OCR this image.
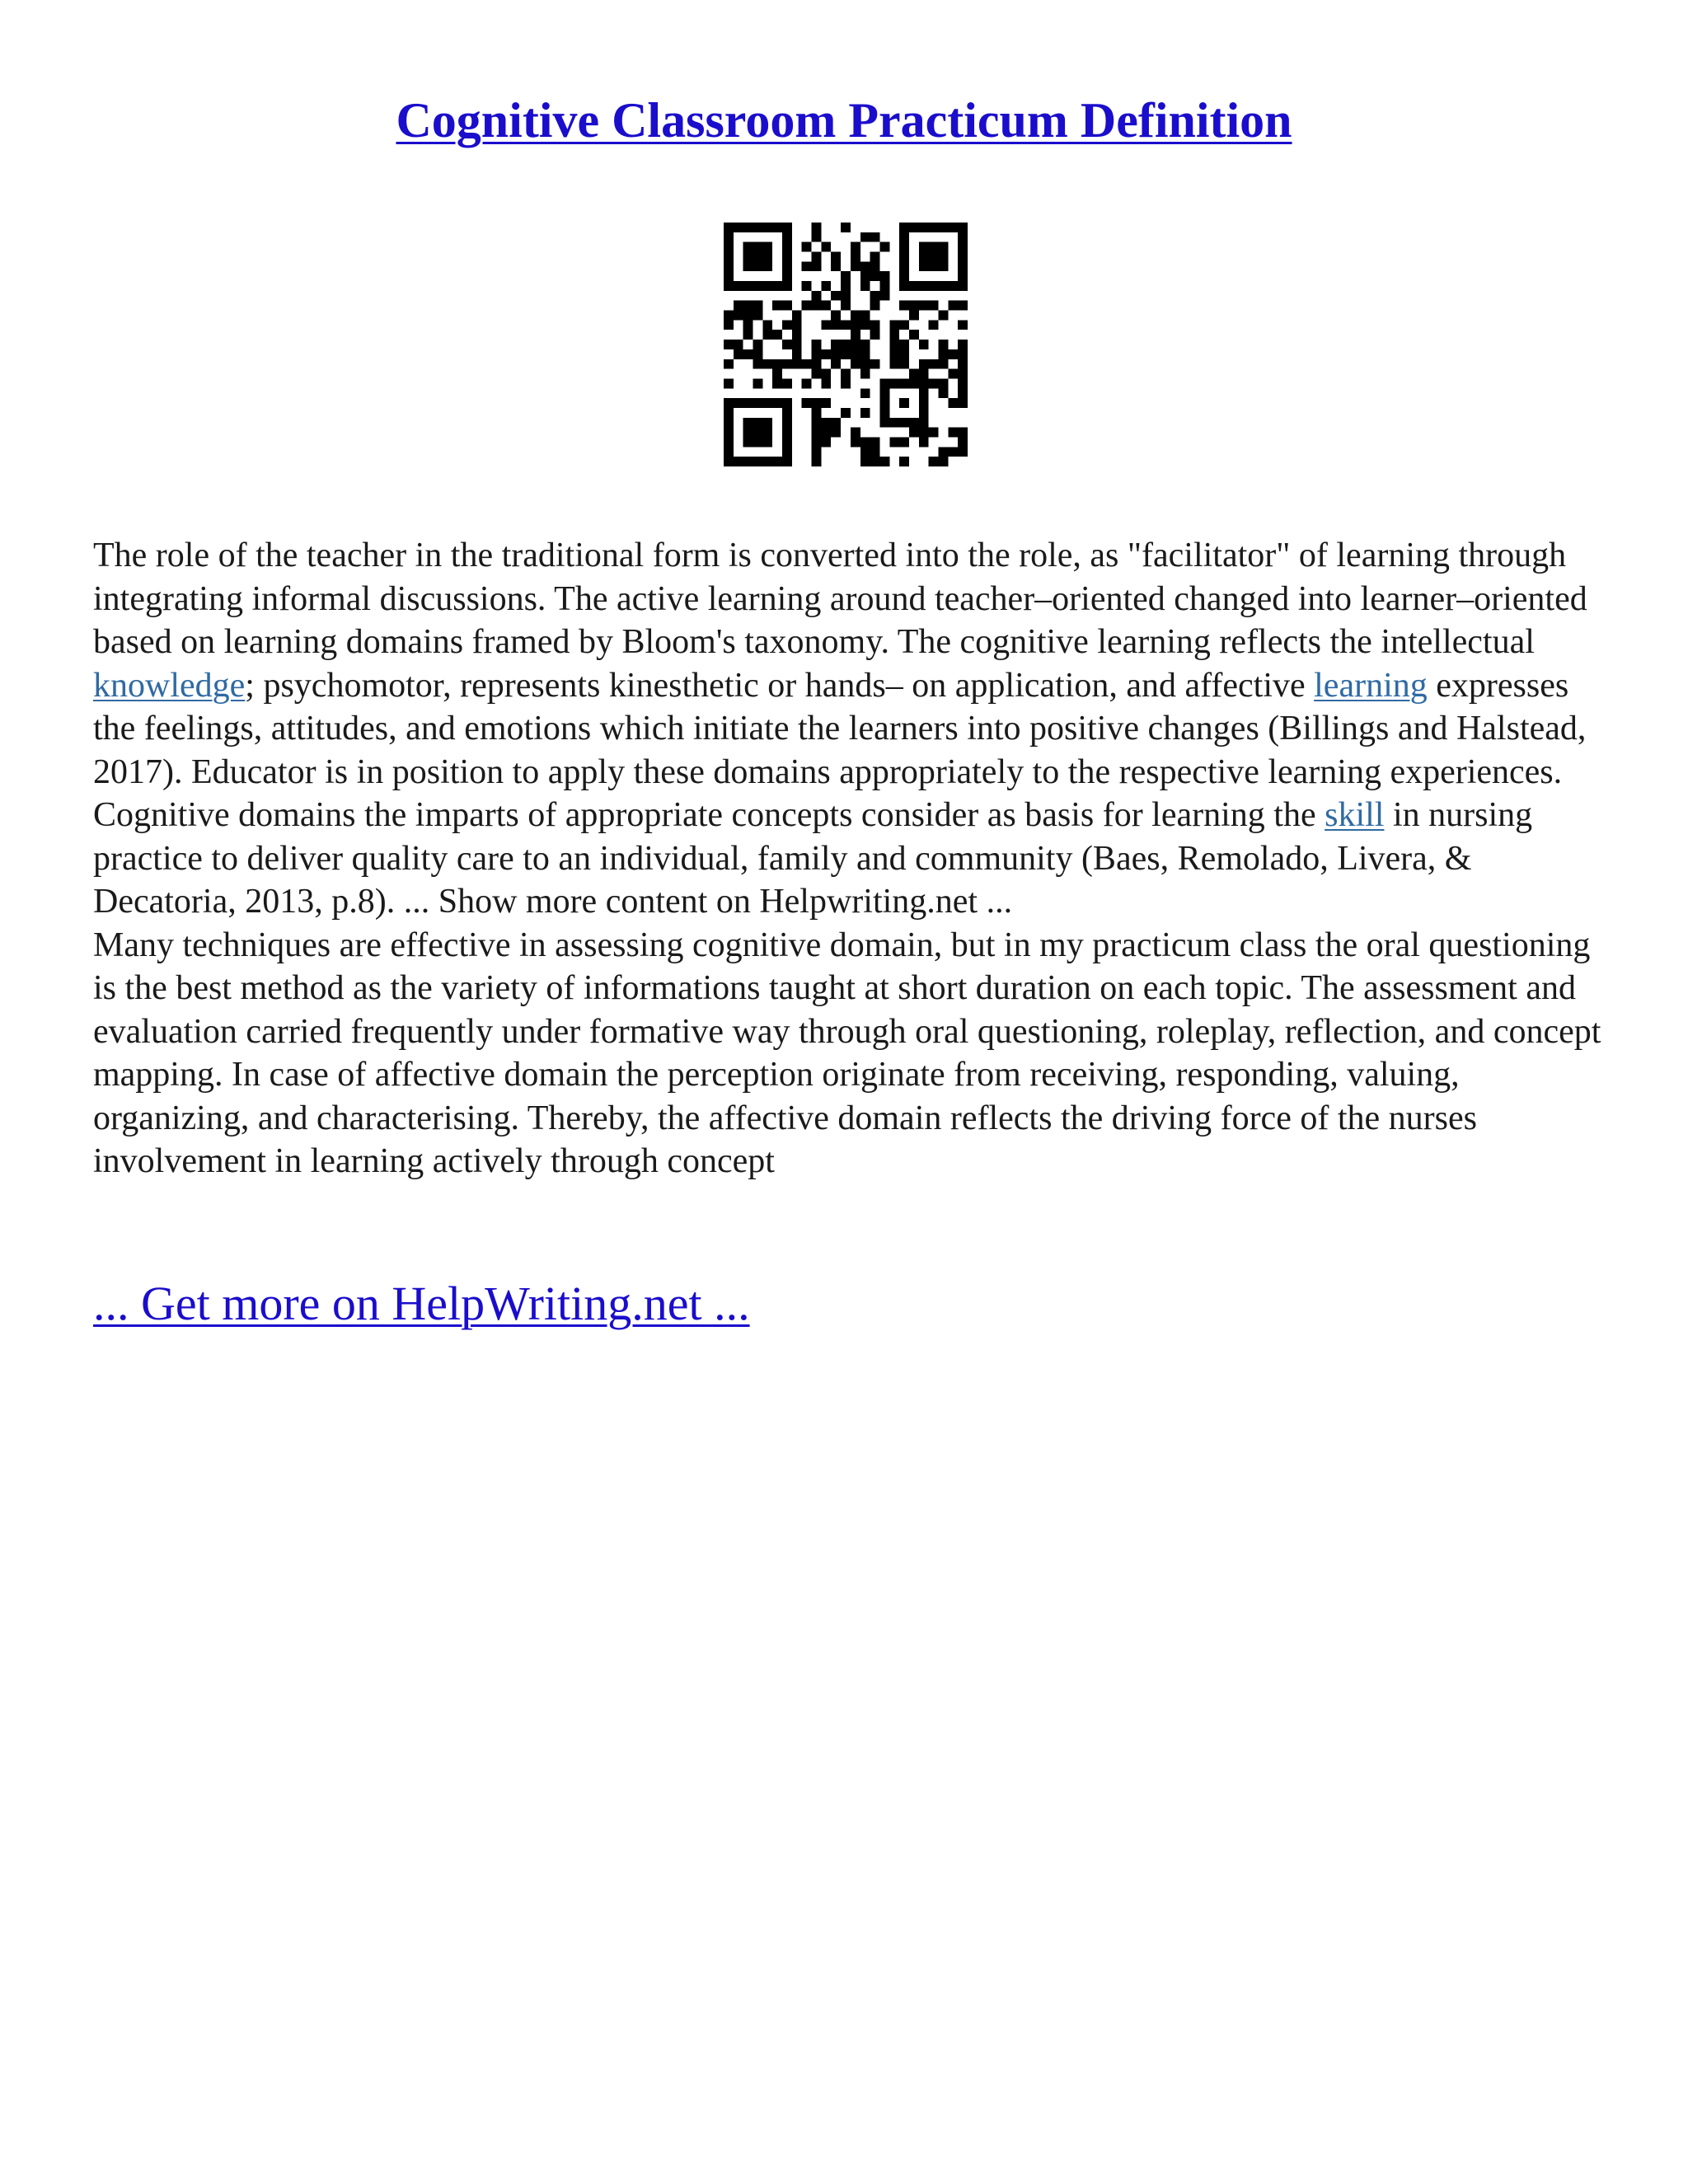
Cognitive Classroom Practicum Definition

The role of the teacher in the traditional form is converted into the role, as "facilitator" of learning through integrating informal discussions. The active learning around teacher–oriented changed into learner–oriented based on learning domains framed by Bloom's taxonomy. The cognitive learning reflects the intellectual knowledge; psychomotor, represents kinesthetic or hands– on application, and affective learning expresses the feelings, attitudes, and emotions which initiate the learners into positive changes (Billings and Halstead, 2017). Educator is in position to apply these domains appropriately to the respective learning experiences.

Cognitive domains the imparts of appropriate concepts consider as basis for learning the skill in nursing practice to deliver quality care to an individual, family and community (Baes, Remolado, Livera, & Decatoria, 2013, p.8). ... Show more content on Helpwriting.net ...

Many techniques are effective in assessing cognitive domain, but in my practicum class the oral questioning is the best method as the variety of informations taught at short duration on each topic. The assessment and evaluation carried frequently under formative way through oral questioning, roleplay, reflection, and concept mapping. In case of affective domain the perception originate from receiving, responding, valuing, organizing, and characterising. Thereby, the affective domain reflects the driving force of the nurses involvement in learning actively through concept

... Get more on HelpWriting.net ...
